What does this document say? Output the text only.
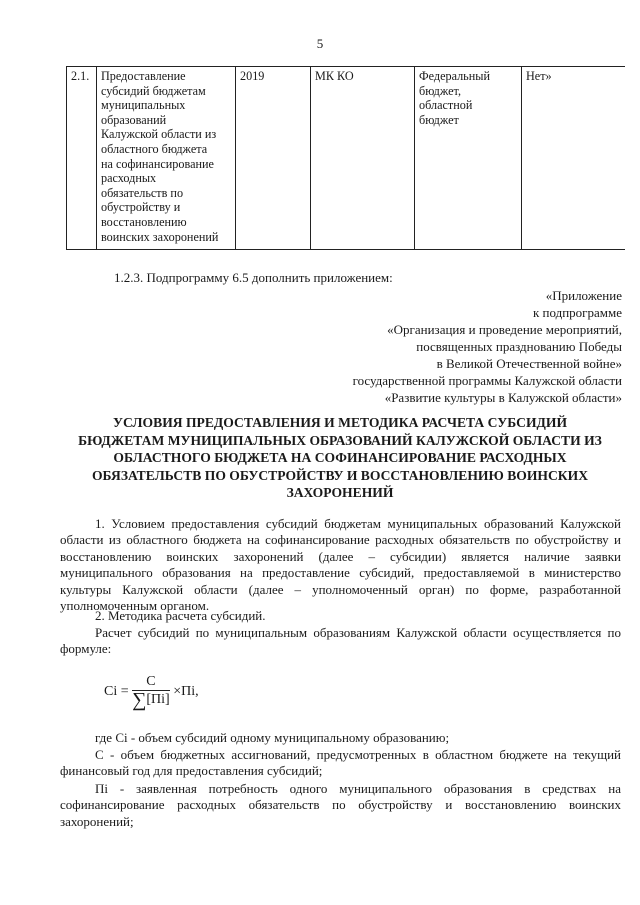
5
2.1.	Предоставление
субсидий бюджетам
муниципальных
образований
Калужской области из
областного бюджета
на софинансирование
расходных
обязательств по
обустройству и
восстановлению
воинских захоронений
	2019	МК КО	Федеральный
бюджет,
областной
бюджет
	Нет»
1.2.3. Подпрограмму 6.5 дополнить приложением:
«Приложение
к подпрограмме
«Организация и проведение мероприятий,
посвященных празднованию Победы
в Великой Отечественной войне»
государственной программы Калужской области
«Развитие культуры в Калужской области»
УСЛОВИЯ ПРЕДОСТАВЛЕНИЯ И МЕТОДИКА РАСЧЕТА СУБСИДИЙ
БЮДЖЕТАМ МУНИЦИПАЛЬНЫХ ОБРАЗОВАНИЙ КАЛУЖСКОЙ ОБЛАСТИ ИЗ
ОБЛАСТНОГО БЮДЖЕТА НА СОФИНАНСИРОВАНИЕ РАСХОДНЫХ
ОБЯЗАТЕЛЬСТВ ПО ОБУСТРОЙСТВУ И ВОССТАНОВЛЕНИЮ ВОИНСКИХ
ЗАХОРОНЕНИЙ
1. Условием предоставления субсидий бюджетам муниципальных образований Калужской области из областного бюджета на софинансирование расходных обязательств по обустройству и восстановлению воинских захоронений (далее – субсидии) является наличие заявки муниципального образования на предоставление субсидий, предоставляемой в министерство культуры Калужской области (далее – уполномоченный орган) по форме, разработанной уполномоченным органом.
2. Методика расчета субсидий.
Расчет субсидий по муниципальным образованиям Калужской области осуществляется по формуле:
$Ci = \frac{C}{\sum[Пi]} \times Пi$,
где Ci - объем субсидий одному муниципальному образованию;
С - объем бюджетных ассигнований, предусмотренных в областном бюджете на текущий финансовый год для предоставления субсидий;
Пi - заявленная потребность одного муниципального образования в средствах на софинансирование расходных обязательств по обустройству и восстановлению воинских захоронений;
